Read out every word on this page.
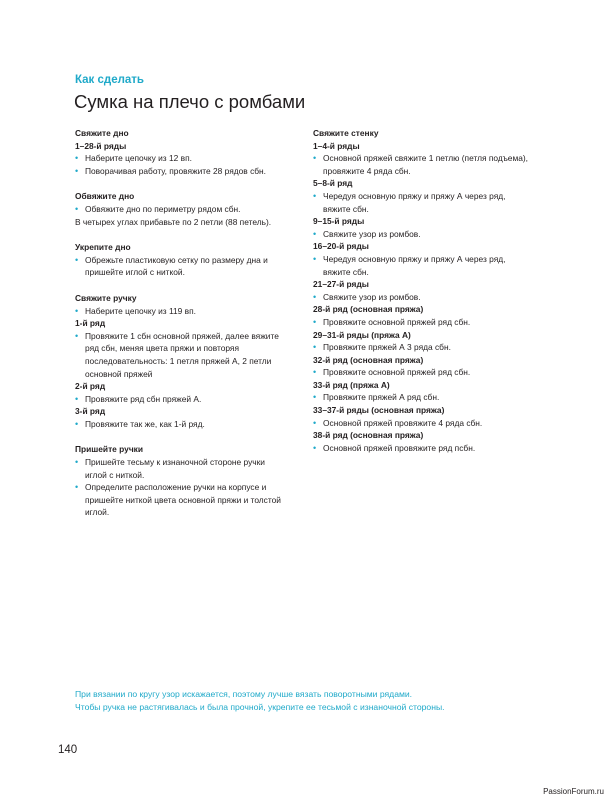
Как сделать
Сумка на плечо с ромбами
Свяжите дно
1–28-й ряды
• Наберите цепочку из 12 вп.
• Поворачивая работу, провяжите 28 рядов сбн.
Обвяжите дно
• Обвяжите дно по периметру рядом сбн.
В четырех углах прибавьте по 2 петли (88 петель).
Укрепите дно
• Обрежьте пластиковую сетку по размеру дна и пришейте иглой с ниткой.
Свяжите ручку
• Наберите цепочку из 119 вп.
1-й ряд
• Провяжите 1 сбн основной пряжей, далее вяжите ряд сбн, меняя цвета пряжи и повторяя последовательность: 1 петля пряжей А, 2 петли основной пряжей
2-й ряд
• Провяжите ряд сбн пряжей А.
3-й ряд
• Провяжите так же, как 1-й ряд.
Пришейте ручки
• Пришейте тесьму к изнаночной стороне ручки иглой с ниткой.
• Определите расположение ручки на корпусе и пришейте ниткой цвета основной пряжи и толстой иглой.
Свяжите стенку
1–4-й ряды
• Основной пряжей свяжите 1 петлю (петля подъема), провяжите 4 ряда сбн.
5–8-й ряд
• Чередуя основную пряжу и пряжу А через ряд, вяжите сбн.
9–15-й ряды
• Свяжите узор из ромбов.
16–20-й ряды
• Чередуя основную пряжу и пряжу А через ряд, вяжите сбн.
21–27-й ряды
• Свяжите узор из ромбов.
28-й ряд (основная пряжа)
• Провяжите основной пряжей ряд сбн.
29–31-й ряды (пряжа А)
• Провяжите пряжей А 3 ряда сбн.
32-й ряд (основная пряжа)
• Провяжите основной пряжей ряд сбн.
33-й ряд (пряжа А)
• Провяжите пряжей А ряд сбн.
33–37-й ряды (основная пряжа)
• Основной пряжей провяжите 4 ряда сбн.
38-й ряд (основная пряжа)
• Основной пряжей провяжите ряд псбн.
При вязании по кругу узор искажается, поэтому лучше вязать поворотными рядами.
Чтобы ручка не растягивалась и была прочной, укрепите ее тесьмой с изнаночной стороны.
140
PassionForum.ru
